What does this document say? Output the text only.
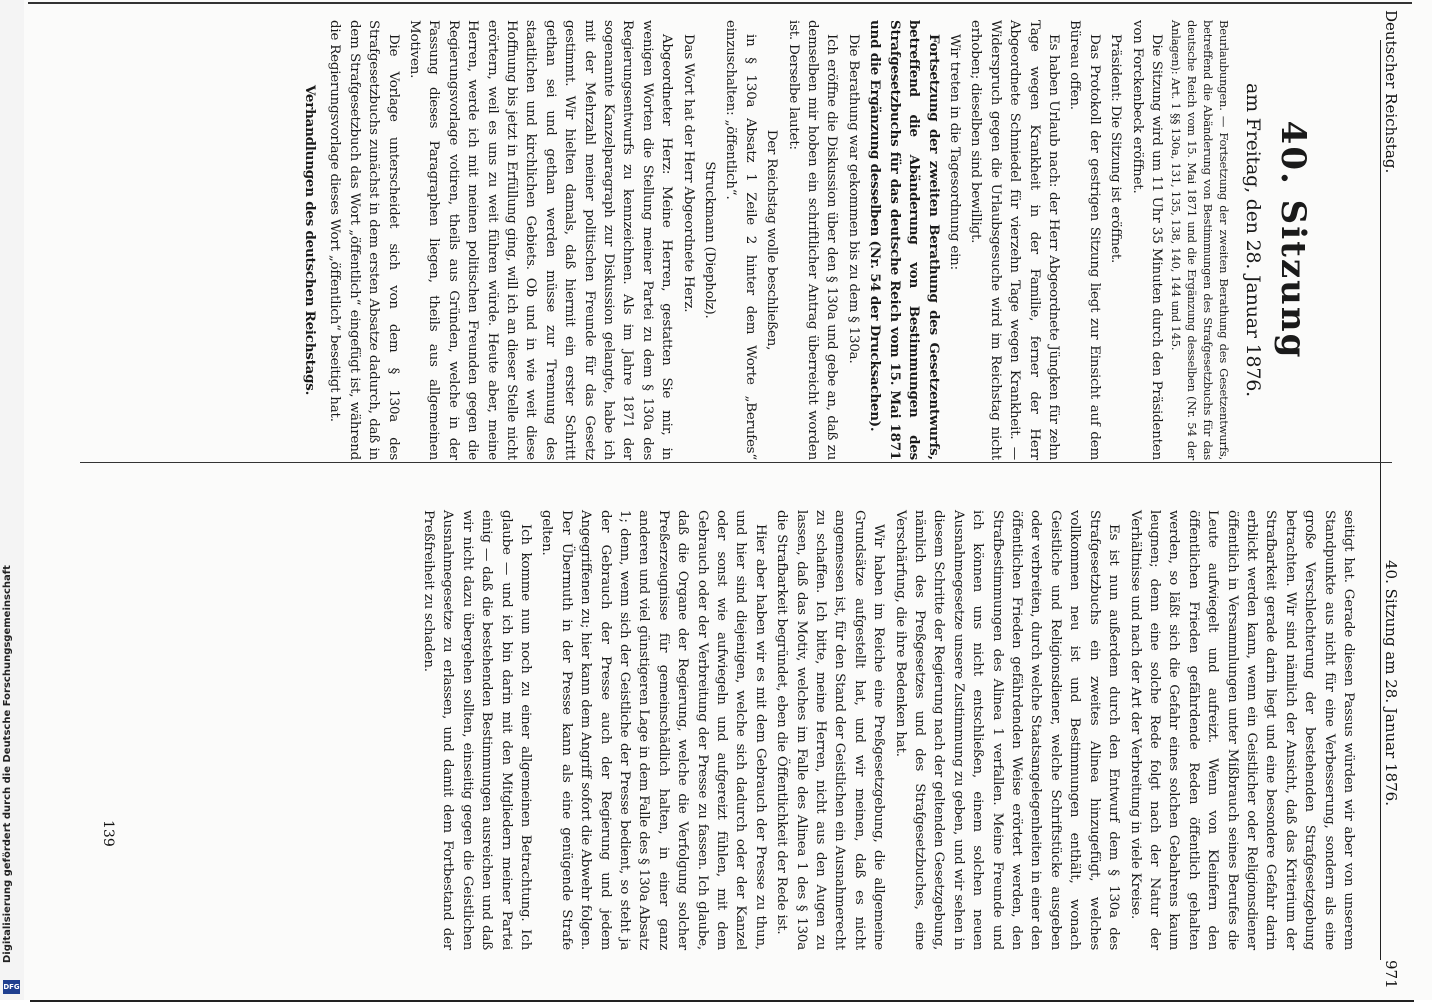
Deutscher Reichstag.
40. Sitzung am 28. Januar 1876.
971
40. Sitzung
am Freitag, den 28. Januar 1876.

Beurlaubungen. — Fortsetzung der zweiten Berathung des Gesetzentwurfs, betreffend die Abänderung von Bestimmungen des Strafgesetzbuchs für das deutsche Reich vom 15. Mai 1871 und die Ergänzung desselben (Nr. 54 der Anlagen): Art. 1 §§ 130a, 131, 135, 138, 140, 144 und 145.

Die Sitzung wird um 11 Uhr 35 Minuten durch den Präsidenten von Forckenbeck eröffnet.

Präsident: Die Sitzung ist eröffnet.

Das Protokoll der gestrigen Sitzung liegt zur Einsicht auf dem Büreau offen.

Es haben Urlaub nach: der Herr Abgeordnete Jüngken für zehn Tage wegen Krankheit in der Familie, ferner der Herr Abgeordnete Schmiedel für vierzehn Tage wegen Krankheit. — Widerspruch gegen die Urlaubsgesuche wird im Reichstag nicht erhoben; dieselben sind bewilligt.

Wir treten in die Tagesordnung ein:

Fortsetzung der zweiten Berathung des Gesetzentwurfs, betreffend die Abänderung von Bestimmungen des Strafgesetzbuchs für das deutsche Reich vom 15. Mai 1871 und die Ergänzung desselben (Nr. 54 der Drucksachen).

Die Berathung war gekommen bis zu dem § 130a.

Ich eröffne die Diskussion über den § 130a und gebe an, daß zu demselben mir hoben ein schriftlicher Antrag überreicht worden ist. Derselbe lautet:

Der Reichstag wolle beschließen,

in § 130a Absatz 1 Zeile 2 hinter dem Worte „Berufes“ einzuschalten: „öffentlich“.

Struckmann (Diepholz).

Das Wort hat der Herr Abgeordnete Herz.

Abgeordneter Herz: Meine Herren, gestatten Sie mir, in wenigen Worten die Stellung meiner Partei zu dem § 130a des Regierungsentwurfs zu kennzeichnen. Als im Jahre 1871 der sogenannte Kanzelparagraph zur Diskussion gelangte, habe ich mit der Mehrzahl meiner politischen Freunde für das Gesetz gestimmt. Wir hielten damals, daß hiermit ein erster Schritt gethan sei und gethan werden müsse zur Trennung des staatlichen und kirchlichen Gebiets. Ob und in wie weit diese Hoffnung bis jetzt in Erfüllung ging, will ich an dieser Stelle nicht erörtern, weil es uns zu weit führen würde. Heute aber, meine Herren, werde ich mit meinen politischen Freunden gegen die Regierungsvorlage votiren, theils aus Gründen, welche in der Fassung dieses Paragraphen liegen, theils aus allgemeinen Motiven.

Die Vorlage unterscheidet sich von dem § 130a des Strafgesetzbuchs zunächst in dem ersten Absatze dadurch, daß in dem Strafgesetzbuch das Wort „öffentlich“ eingefügt ist, während die Regierungsvorlage dieses Wort „öffentlich“ beseitigt hat.

Verhandlungen des deutschen Reichstags.

seitigt hat. Gerade diesen Passus würden wir aber von unserem Standpunkte aus nicht für eine Verbesserung, sondern als eine große Verschlechterung der bestehenden Strafgesetzgebung betrachten. Wir sind nämlich der Ansicht, daß das Kriterium der Strafbarkeit gerade darin liegt und eine besondere Gefahr darin erblickt werden kann, wenn ein Geistlicher oder Religionsdiener öffentlich in Versammlungen unter Mißbrauch seines Berufes die Leute aufwiegelt und aufreizt. Wenn von Kleinfern den öffentlichen Frieden gefährdende Reden öffentlich gehalten werden, so läßt sich die Gefahr eines solchen Gebahrens kaum leugnen; denn eine solche Rede folgt nach der Natur der Verhältnisse und nach der Art der Verbreitung in viele Kreise.

Es ist nun außerdem durch den Entwurf dem § 130a des Strafgesetzbuchs ein zweites Alinea hinzugefügt, welches vollkommen neu ist und Bestimmungen enthält, wonach Geistliche und Religionsdiener, welche Schriftstücke ausgeben oder verbreiten, durch welche Staatsangelegenheiten in einer den öffentlichen Frieden gefährdenden Weise erörtert werden, den Strafbestimmungen des Alinea 1 verfallen. Meine Freunde und ich können uns nicht entschließen, einem solchen neuen Ausnahmegesetze unsere Zustimmung zu geben, und wir sehen in diesem Schritte der Regierung nach der geltenden Gesetzgebung, nämlich des Preßgesetzes und des Strafgesetzbuches, eine Verschärfung, die ihre Bedenken hat.

Wir haben im Reiche eine Preßgesetzgebung, die allgemeine Grundsätze aufgestellt hat, und wir meinen, daß es nicht angemessen ist, für den Stand der Geistlichen ein Ausnahmerecht zu schaffen. Ich bitte, meine Herren, nicht aus den Augen zu lassen, daß das Motiv, welches im Falle des Alinea 1 des § 130a die Strafbarkeit begründet, eben die Öffentlichkeit der Rede ist.

Hier aber haben wir es mit dem Gebrauch der Presse zu thun, und hier sind diejenigen, welche sich dadurch oder der Kanzel oder sonst wie aufwiegeln und aufgereizt fühlen, mit dem Gebrauch oder der Verbreitung der Presse zu fassen. Ich glaube, daß die Organe der Regierung, welche die Verfolgung solcher Preßerzeugnisse für gemeinschädlich halten, in einer ganz anderen und viel günstigeren Lage in dem Falle des § 130a Absatz 1; denn, wenn sich der Geistliche der Presse bedient, so steht ja der Gebrauch der Presse auch der Regierung und jedem Angegriffenen zu; hier kann dem Angriff sofort die Abwehr folgen. Der Übermuth in der Presse kann als eine genügende Strafe gelten.

Ich komme nun noch zu einer allgemeinen Betrachtung. Ich glaube — und ich bin darin mit den Mitgliedern meiner Partei einig — daß die bestehenden Bestimmungen ausreichen und daß wir nicht dazu übergehen sollten, einseitig gegen die Geistlichen Ausnahmegesetze zu erlassen, und damit dem Fortbestand der Preßfreiheit zu schaden.

139
Digitalisierung gefördert durch die Deutsche Forschungsgemeinschaft
DFG
